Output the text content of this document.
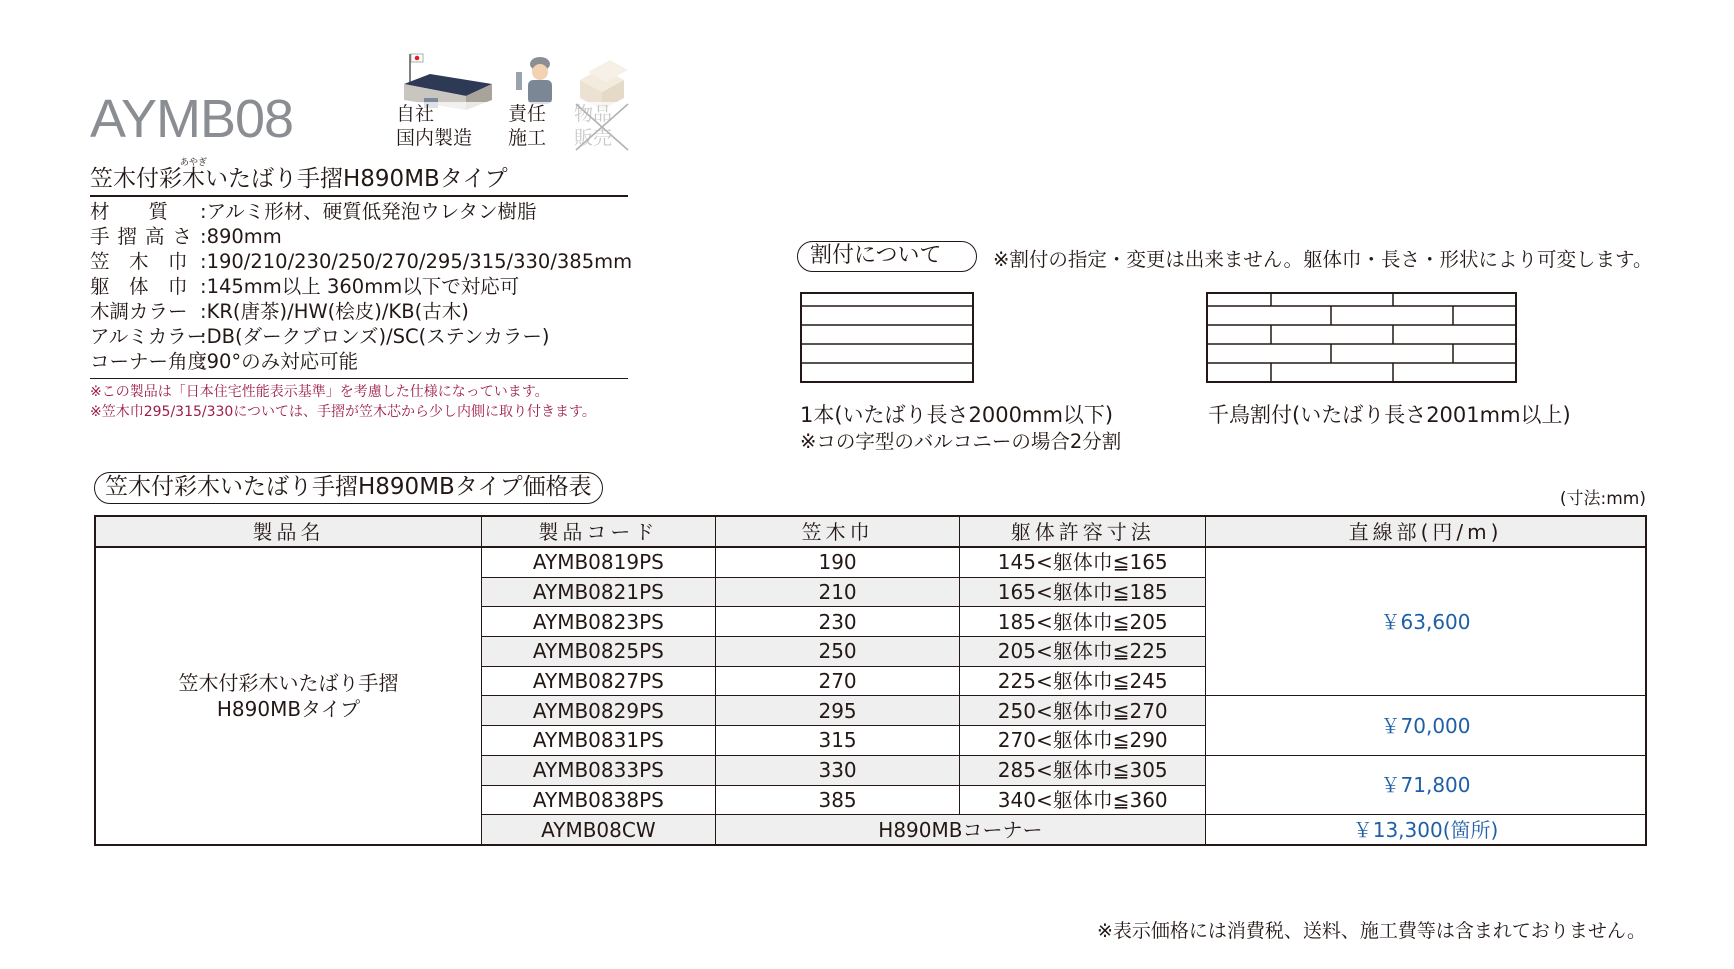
AYMB08	自社
国内製造
責任
施工
物品
販売
あやぎ
笠木付彩木いたばり手摺H890MBタイプ
材　　質 :アルミ形材、硬質低発泡ウレタン樹脂
手摺高さ:890mm
笠　木　巾 :190/210/230/250/270/295/315/330/385mm
躯　体　巾 :145mm以上 360mm以下で対応可
木調カラー :KR(唐茶)/HW(桧皮)/KB(古木)
アルミカラー:DB(ダークブロンズ)/SC(ステンカラー)
コーナー角度:90°のみ対応可能
※この製品は「日本住宅性能表示基準」を考慮した仕様になっています。
※笠木巾295/315/330については、手摺が笠木芯から少し内側に取り付きます。
割付について	※割付の指定・変更は出来ません。躯体巾・長さ・形状により可変します。
1本(いたばり長さ2000mm以下)
※コの字型のバルコニーの場合2分割
千鳥割付(いたばり長さ2001mm以上)
笠木付彩木いたばり手摺H890MBタイプ価格表	(寸法:mm)
製品名	製品コード	笠木巾	躯体許容寸法	直線部(円/m)
笠木付彩木いたばり手摺
H890MBタイプ	AYMB0819PS	190	145<躯体巾≦165	￥63,600
	AYMB0821PS	210	165<躯体巾≦185	
	AYMB0823PS	230	185<躯体巾≦205	
	AYMB0825PS	250	205<躯体巾≦225	
	AYMB0827PS	270	225<躯体巾≦245	
	AYMB0829PS	295	250<躯体巾≦270	￥70,000
	AYMB0831PS	315	270<躯体巾≦290	
	AYMB0833PS	330	285<躯体巾≦305	￥71,800
	AYMB0838PS	385	340<躯体巾≦360	
	AYMB08CW	H890MBコーナー		￥13,300(箇所)
※表示価格には消費税、送料、施工費等は含まれておりません。
